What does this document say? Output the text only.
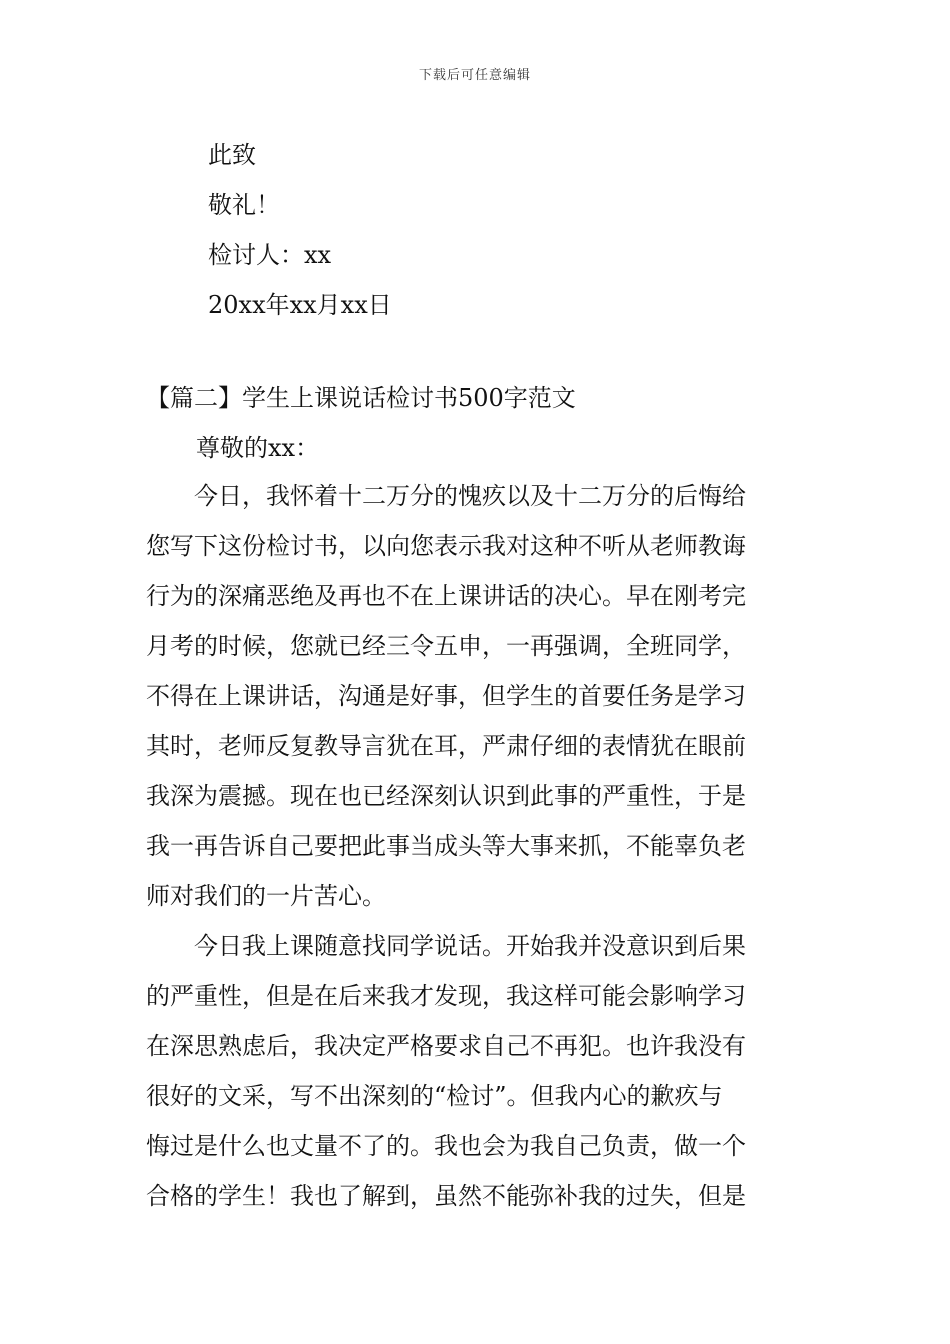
下载后可任意编辑
此致
敬礼！
检讨人：xx
20xx年xx月xx日
【篇二】学生上课说话检讨书500字范文
尊敬的xx：
今日，我怀着十二万分的愧疚以及十二万分的后悔给
您写下这份检讨书，以向您表示我对这种不听从老师教诲
行为的深痛恶绝及再也不在上课讲话的决心。早在刚考完
月考的时候，您就已经三令五申，一再强调，全班同学，
不得在上课讲话，沟通是好事，但学生的首要任务是学习
其时，老师反复教导言犹在耳，严肃仔细的表情犹在眼前
我深为震撼。现在也已经深刻认识到此事的严重性，于是
我一再告诉自己要把此事当成头等大事来抓，不能辜负老
师对我们的一片苦心。
今日我上课随意找同学说话。开始我并没意识到后果
的严重性，但是在后来我才发现，我这样可能会影响学习
在深思熟虑后，我决定严格要求自己不再犯。也许我没有
很好的文采，写不出深刻的“检讨”。但我内心的歉疚与
悔过是什么也丈量不了的。我也会为我自己负责，做一个
合格的学生！我也了解到，虽然不能弥补我的过失，但是
